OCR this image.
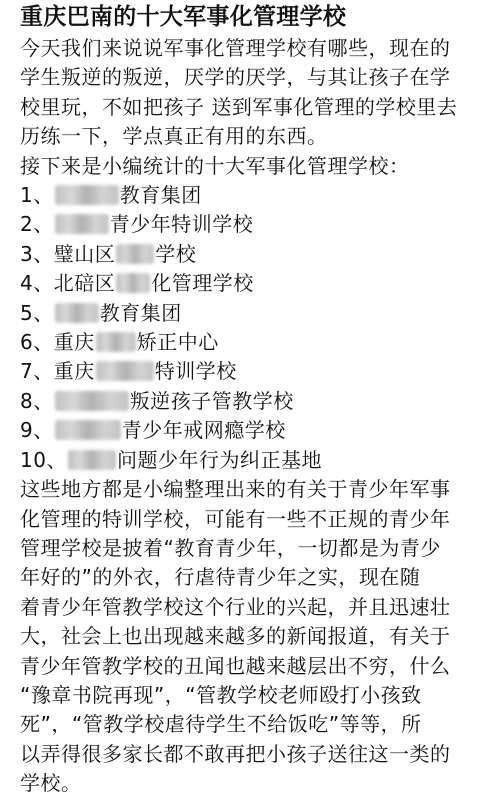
重庆巴南的十大军事化管理学校
今天我们来说说军事化管理学校有哪些，现在的
学生叛逆的叛逆，厌学的厌学，与其让孩子在学
校里玩，不如把孩子 送到军事化管理的学校里去
历练一下，学点真正有用的东西。
接下来是小编统计的十大军事化管理学校：
1、	教育集团
2、	青少年特训学校
3、璧山区 学校
4、北碚区 化管理学校
5、 教育集团
6、重庆 矫正中心
7、重庆	特训学校
8、	叛逆孩子管教学校
9、	青少年戒网瘾学校
10、	问题少年行为纠正基地
这些地方都是小编整理出来的有关于青少年军事
化管理的特训学校，可能有一些不正规的青少年
管理学校是披着“教育青少年，一切都是为青少
年好的”的外衣，行虐待青少年之实，现在随
着青少年管教学校这个行业的兴起，并且迅速壮
大，社会上也出现越来越多的新闻报道，有关于
青少年管教学校的丑闻也越来越层出不穷，什么
“豫章书院再现”，“管教学校老师殴打小孩致
死”，“管教学校虐待学生不给饭吃”等等，所
以弄得很多家长都不敢再把小孩子送往这一类的
学校。
